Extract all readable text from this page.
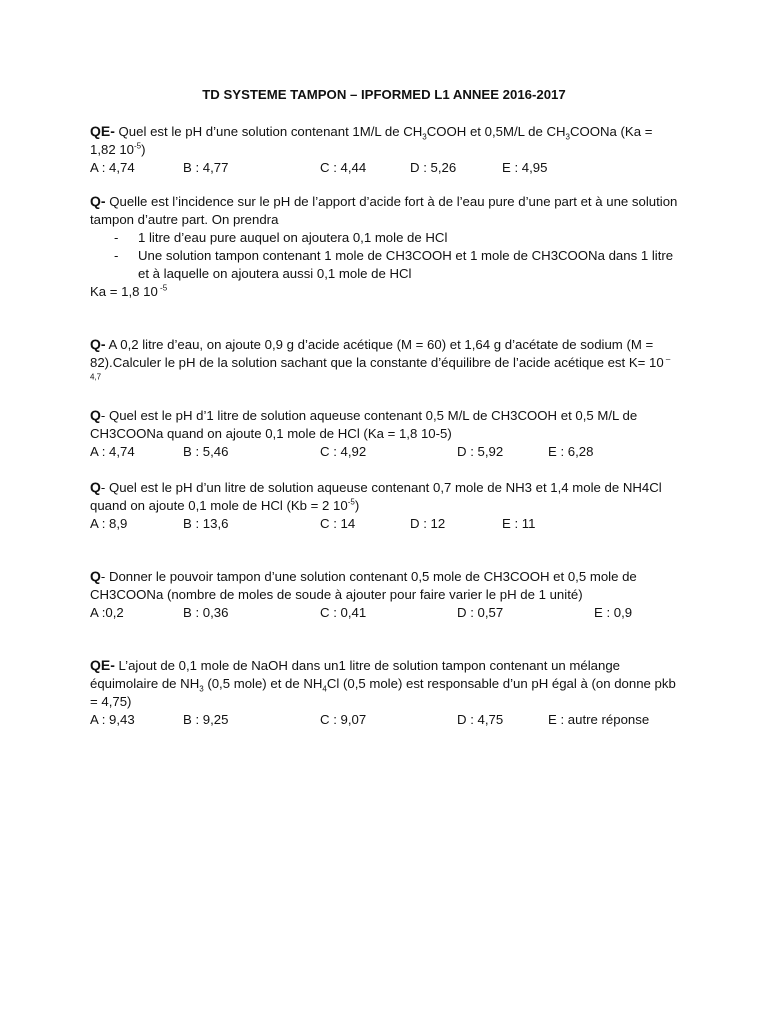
TD SYSTEME TAMPON – IPFORMED L1 ANNEE 2016-2017

QE- Quel est le pH d’une solution contenant 1M/L de $CH_3COOH$ et 0,5M/L de $CH_3COONa$ (Ka = 1,82 $10^{-5}$)

A : 4,74	B : 4,77	C : 4,44	D : 5,26	E : 4,95

Q- Quelle est l’incidence sur le pH de l’apport d’acide fort à de l’eau pure d’une part et à une solution tampon d’autre part. On prendra

- 1 litre d’eau pure auquel on ajoutera 0,1 mole de HCl
- Une solution tampon contenant 1 mole de CH3COOH et 1 mole de CH3COONa dans 1 litre et à laquelle on ajoutera aussi 0,1 mole de HCl

Ka = 1,8 10 $^{-5}$

Q- A 0,2 litre d’eau, on ajoute 0,9 g d’acide acétique (M = 60) et 1,64 g d’acétate de sodium (M = 82).Calculer le pH de la solution sachant que la constante d’équilibre de l’acide acétique est K= 10 $^{- 4,7}$

Q- Quel est le pH d’1 litre de solution aqueuse contenant 0,5 M/L de CH3COOH et 0,5 M/L de CH3COONa quand on ajoute 0,1 mole de HCl (Ka = 1,8 10-5)

A : 4,74	B : 5,46	C : 4,92	D : 5,92	E : 6,28

Q- Quel est le pH d’un litre de solution aqueuse contenant 0,7 mole de NH3 et 1,4 mole de NH4Cl quand on ajoute 0,1 mole de HCl (Kb = 2 $10^{-5}$)

A : 8,9	B : 13,6	C : 14	D : 12	E : 11

Q- Donner le pouvoir tampon d’une solution contenant 0,5 mole de CH3COOH et 0,5 mole de CH3COONa (nombre de moles de soude à ajouter pour faire varier le pH de 1 unité)

A :0,2	B : 0,36	C : 0,41	D : 0,57	E : 0,9

QE- L’ajout de 0,1 mole de NaOH dans un1 litre de solution tampon contenant un mélange équimolaire de $NH_3$ (0,5 mole) et de $NH_4Cl$ (0,5 mole) est responsable d’un pH égal à (on donne pkb = 4,75)

A : 9,43	B : 9,25	C : 9,07	D : 4,75	E : autre réponse
